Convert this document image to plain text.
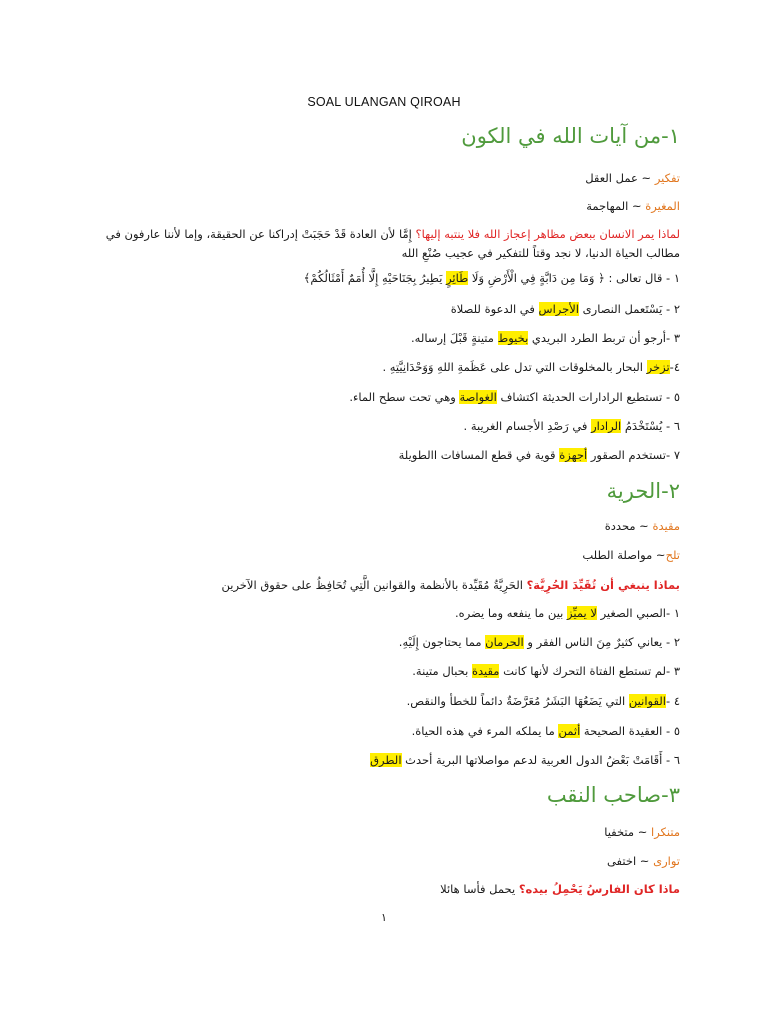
SOAL ULANGAN QIROAH
١-من آيات الله في الكون
تفكير ~ عمل العقل
المغيرة ~ المهاجمة
لماذا يمر الانسان ببعض مظاهر إعجاز الله فلا ينتبه إليها؟ إِمَّا لأن العادة قَدْ حَجَبَتْ إدراكنا عن الحقيقة، وإما لأننا عارفون في مطالب الحياة الدنيا، لا نجد وقتاً للتفكير في عجيب صُنْعِ الله
١ - قال تعالى : ﴿ وَمَا مِن دَابَّةٍ فِي الْأَرْضِ وَلَا طَائِرٍ يَطِيرُ بِجَنَاحَيْهِ إِلَّا أُمَمٌ أَمْثَالُكُمْ﴾
٢ - يَسْتَعمل النصارى الأجراس في الدعوة للصلاة
٣ -أرجو أن تربط الطرد البريدي بخيوط متينةٍ قَبْلَ إرساله.
٤-تزخر البحار بالمخلوقات التي تدل على عَظَمةِ اللهِ وَوَحْدَانِيَّتِهِ .
٥ - تستطيع الرادارات الحديثة اكتشاف الغواصة وهي تحت سطح الماء.
٦ - يُسْتَخْدَمُ الرادار في رَصْدِ الأجسام الغريبة .
٧ -تستخدم الصقور أجهزة قوية في قطع المسافات االطويلة
٢-الحرية
مقيدة ~ محددة
تلح~ مواصلة الطلب
بماذا ينبغي أن تُقَيِّدَ الحُرِيَّة؟ الحَرِيَّةُ مُقَيِّدة بالأنظمة والقوانين الَّتِي تُحَافِظُ على حقوق الآخرين
١ -الصبي الصغير لا يميِّز بين ما ينفعه وما يضره.
٢ - يعاني كثيرٌ مِنَ الناس الفقر و الحرمان مما يحتاجون إِلَيْهِ.
٣ -لم تستطع الفتاة التحرك لأنها كانت مقيدة بحبال متينة.
٤ -القوانين التي يَضَعُهَا البَشَرُ مُعَرَّضَةٌ دائماً للخطأ والنقص.
٥ - العقيدة الصحيحة أثمن ما يملكه المرء في هذه الحياة.
٦ - أَقَامَتْ بَعْضُ الدول العربية لدعم مواصلاتها البرية أحدث الطرق
٣-صاحب النقب
متنكرا ~ متخفيا
توارى ~ اختفى
ماذا كان الفارسُ يَحْمِلُ بيده؟ يحمل فأسا هائلا
١
